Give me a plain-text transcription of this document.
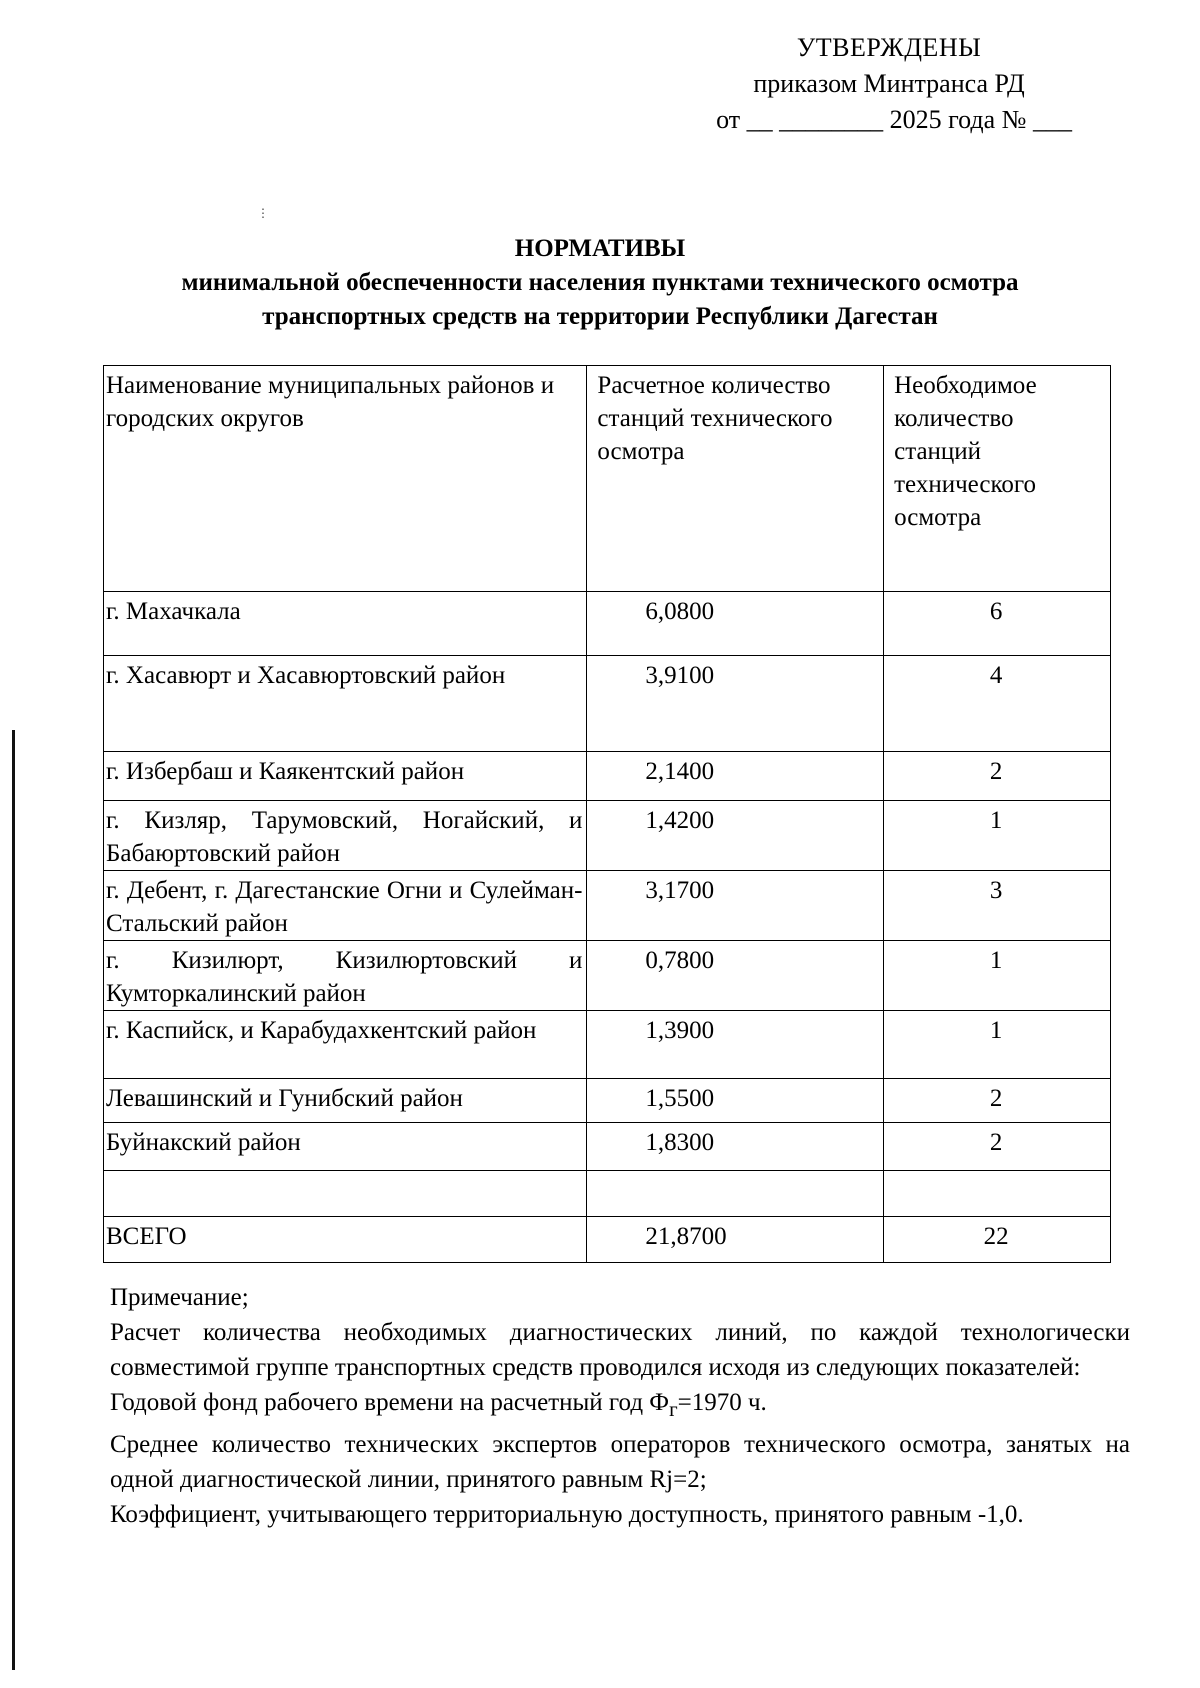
УТВЕРЖДЕНЫ
приказом Минтранса РД
от __ ________ 2025 года № ___
⋮
НОРМАТИВЫ
минимальной обеспеченности населения пунктами технического осмотра
транспортных средств на территории Республики Дагестан
Наименование муниципальных районов и городских округов	Расчетное количество станций технического осмотра	Необходимое количество станций технического осмотра
г. Махачкала	6,0800	6
г. Хасавюрт и Хасавюртовский район	3,9100	4
г. Избербаш и Каякентский район	2,1400	2
г. Кизляр, Тарумовский, Ногайский, и Бабаюртовский район	1,4200	1
г. Дебент, г. Дагестанские Огни и Сулейман-Стальский район	3,1700	3
г. Кизилюрт, Кизилюртовский и Кумторкалинский район	0,7800	1
г. Каспийск, и Карабудахкентский район	1,3900	1
Левашинский и Гунибский район	1,5500	2
Буйнакский район	1,8300	2

ВСЕГО	21,8700	22

Примечание;

Расчет количества необходимых диагностических линий, по каждой технологически совместимой группе транспортных средств проводился исходя из следующих показателей:

Годовой фонд рабочего времени на расчетный год $Ф_г=1970$ ч.

Среднее количество технических экспертов операторов технического осмотра, занятых на одной диагностической линии, принятого равным Rj=2;

Коэффициент, учитывающего территориальную доступность, принятого равным -1,0.
